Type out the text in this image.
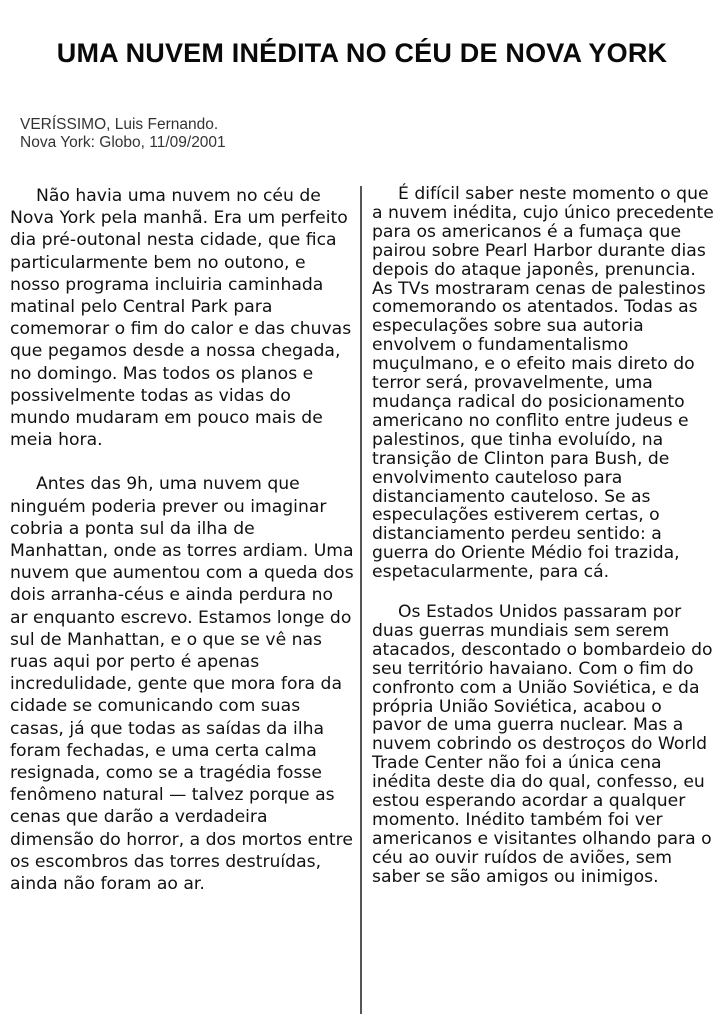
UMA NUVEM INÉDITA NO CÉU DE NOVA YORK
VERÍSSIMO, Luis Fernando.
Nova York: Globo, 11/09/2001

Não havia uma nuvem no céu de Nova York pela manhã. Era um perfeito dia pré-outonal nesta cidade, que fica particularmente bem no outono, e nosso programa incluiria caminhada matinal pelo Central Park para comemorar o fim do calor e das chuvas que pegamos desde a nossa chegada, no domingo. Mas todos os planos e possivelmente todas as vidas do mundo mudaram em pouco mais de meia hora.

Antes das 9h, uma nuvem que ninguém poderia prever ou imaginar cobria a ponta sul da ilha de Manhattan, onde as torres ardiam. Uma nuvem que aumentou com a queda dos dois arranha-céus e ainda perdura no ar enquanto escrevo. Estamos longe do sul de Manhattan, e o que se vê nas ruas aqui por perto é apenas incredulidade, gente que mora fora da cidade se comunicando com suas casas, já que todas as saídas da ilha foram fechadas, e uma certa calma resignada, como se a tragédia fosse fenômeno natural — talvez porque as cenas que darão a verdadeira dimensão do horror, a dos mortos entre os escombros das torres destruídas, ainda não foram ao ar.

É difícil saber neste momento o que a nuvem inédita, cujo único precedente para os americanos é a fumaça que pairou sobre Pearl Harbor durante dias depois do ataque japonês, prenuncia. As TVs mostraram cenas de palestinos comemorando os atentados. Todas as especulações sobre sua autoria envolvem o fundamentalismo muçulmano, e o efeito mais direto do terror será, provavelmente, uma mudança radical do posicionamento americano no conflito entre judeus e palestinos, que tinha evoluído, na transição de Clinton para Bush, de envolvimento cauteloso para distanciamento cauteloso. Se as especulações estiverem certas, o distanciamento perdeu sentido: a guerra do Oriente Médio foi trazida, espetacularmente, para cá.

Os Estados Unidos passaram por duas guerras mundiais sem serem atacados, descontado o bombardeio do seu território havaiano. Com o fim do confronto com a União Soviética, e da própria União Soviética, acabou o pavor de uma guerra nuclear. Mas a nuvem cobrindo os destroços do World Trade Center não foi a única cena inédita deste dia do qual, confesso, eu estou esperando acordar a qualquer momento. Inédito também foi ver americanos e visitantes olhando para o céu ao ouvir ruídos de aviões, sem saber se são amigos ou inimigos.
